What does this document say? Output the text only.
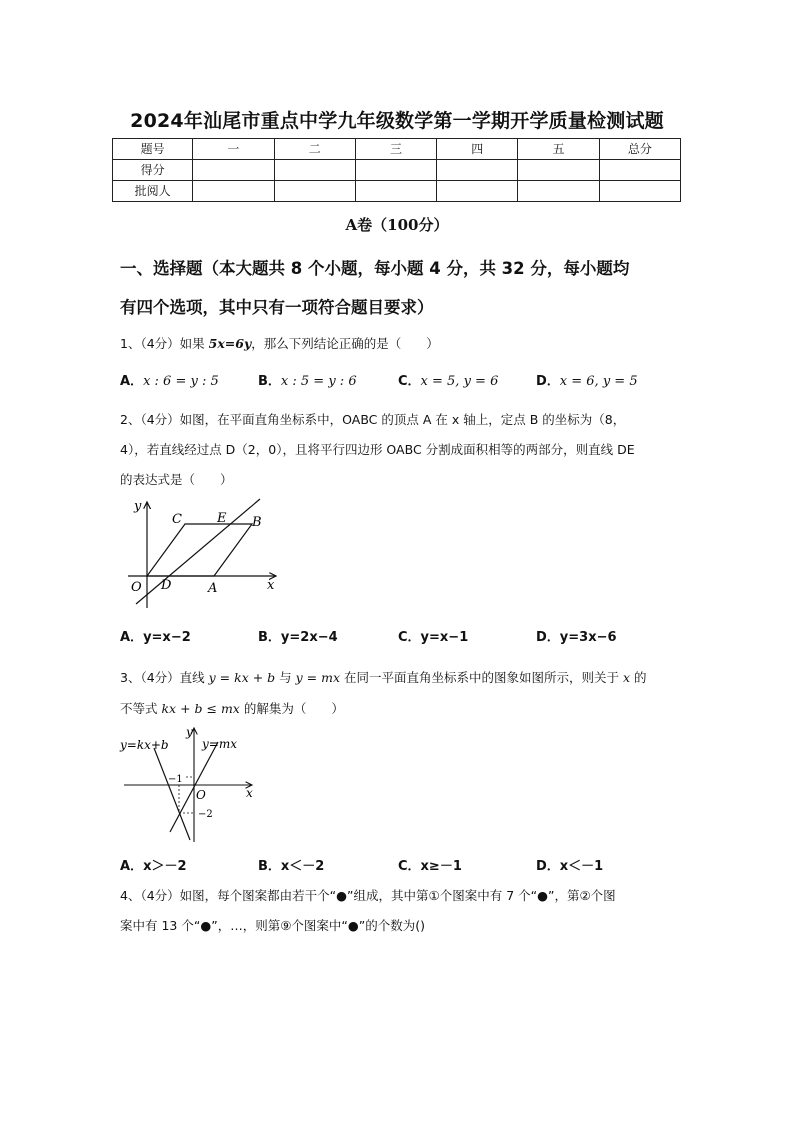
2024年汕尾市重点中学九年级数学第一学期开学质量检测试题
题号	一	二	三	四	五	总分
得分						
批阅人						
A卷（100分）
一、选择题（本大题共 8 个小题，每小题 4 分，共 32 分，每小题均
有四个选项，其中只有一项符合题目要求）
1、（4分）如果 5x=6y，那么下列结论正确的是（　　）
A．x : 6 = y : 5	B．x : 5 = y : 6	C．x = 5, y = 6	D．x = 6, y = 5
2、（4分）如图，在平面直角坐标系中，OABC 的顶点 A 在 x 轴上，定点 B 的坐标为（8，
4），若直线经过点 D（2，0），且将平行四边形 OABC 分割成面积相等的两部分，则直线 DE
的表达式是（　　）
y
x
C	E B
O D	A
A．y=x−2	B．y=2x−4	C．y=x−1	D．y=3x−6
3、（4分）直线 y = kx + b 与 y = mx 在同一平面直角坐标系中的图象如图所示，则关于 x 的
不等式 kx + b ≤ mx 的解集为（　　）
y
x
y=kx+b	y=mx
O
−1
−2
A．x＞－2	B．x＜－2	C．x≥－1	D．x＜－1
4、（4分）如图，每个图案都由若干个“●”组成，其中第①个图案中有 7 个“●”，第②个图
案中有 13 个“●”，…，则第⑨个图案中“●”的个数为()
